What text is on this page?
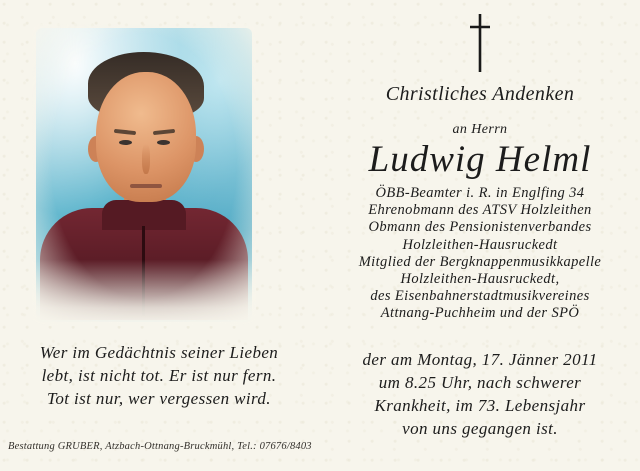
Wer im Gedächtnis seiner Lieben
lebt, ist nicht tot. Er ist nur fern.
Tot ist nur, wer vergessen wird.
Bestattung GRUBER, Atzbach-Ottnang-Bruckmühl, Tel.: 07676/8403
Christliches Andenken
an Herrn
Ludwig Helml
ÖBB-Beamter i. R. in Englfing 34
Ehrenobmann des ATSV Holzleithen
Obmann des Pensionistenverbandes
Holzleithen-Hausruckedt
Mitglied der Bergknappenmusikkapelle
Holzleithen-Hausruckedt,
des Eisenbahnerstadtmusikvereines
Attnang-Puchheim und der SPÖ
der am Montag, 17. Jänner 2011
um 8.25 Uhr, nach schwerer
Krankheit, im 73. Lebensjahr
von uns gegangen ist.
